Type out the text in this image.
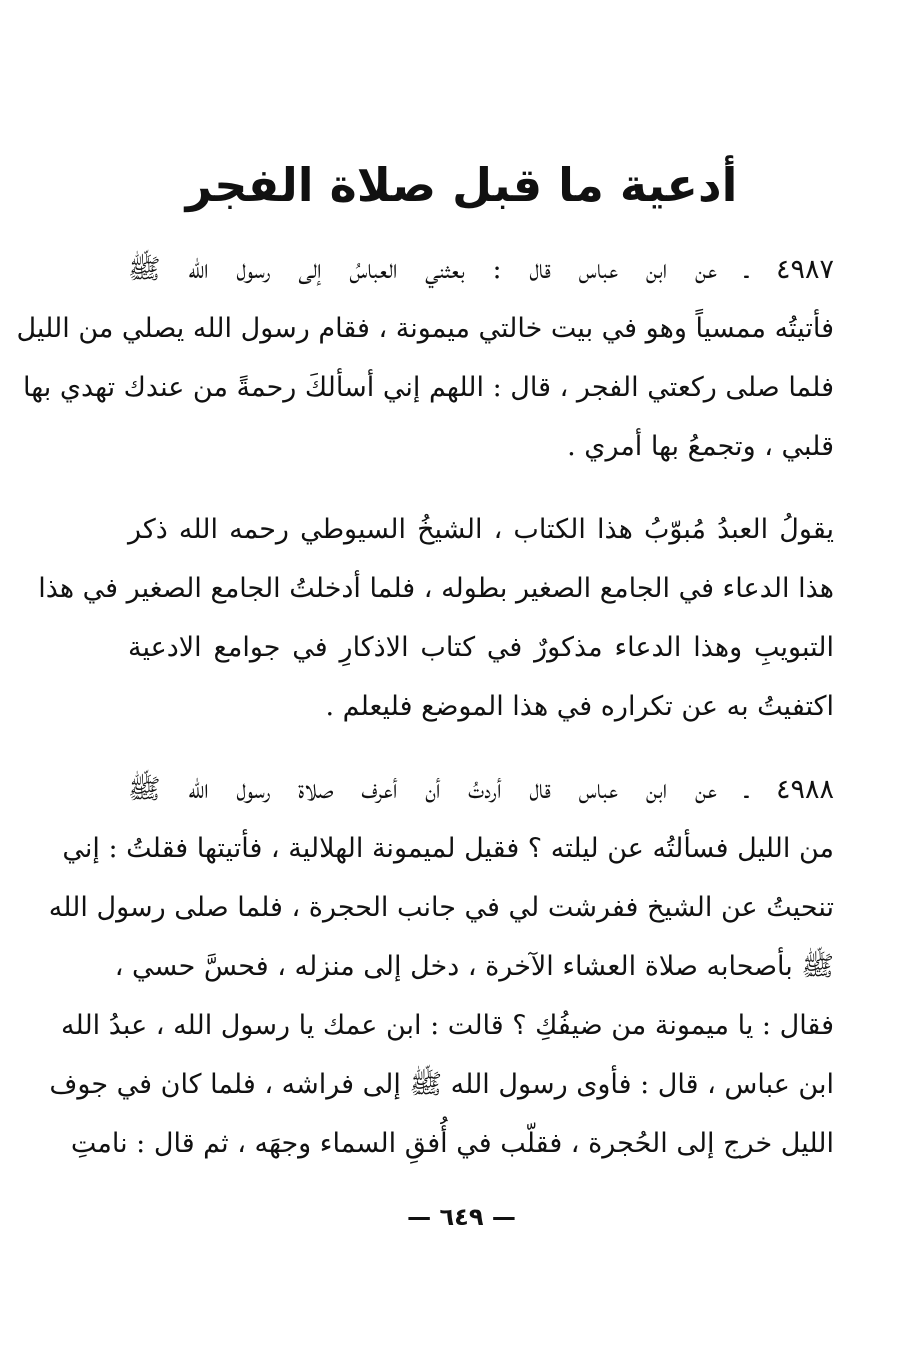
أدعية ما قبل صلاة الفجر
٤٩٨٧ ـ عن ابن عباس قال : بعثني العباسُ إلى رسول الله ﷺ
فأتيتُه ممسياً وهو في بيت خالتي ميمونة ، فقام رسول الله يصلي من الليل
فلما صلى ركعتي الفجر ، قال : اللهم إني أسألكَ رحمةً من عندك تهدي بها
قلبي ، وتجمعُ بها أمري .
يقولُ العبدُ مُبوّبُ هذا الكتاب ، الشيخُ السيوطي رحمه الله ذكر
هذا الدعاء في الجامع الصغير بطوله ، فلما أدخلتُ الجامع الصغير في هذا
التبويبِ وهذا الدعاء مذكورٌ في كتاب الاذكارِ في جوامع الادعية
اكتفيتُ به عن تكراره في هذا الموضع فليعلم .
٤٩٨٨ ـ عن ابن عباس قال أردتُ أن أعرف صلاة رسول الله ﷺ
من الليل فسألتُه عن ليلته ؟ فقيل لميمونة الهلالية ، فأتيتها فقلتُ : إني
تنحيتُ عن الشيخ ففرشت لي في جانب الحجرة ، فلما صلى رسول الله
ﷺ بأصحابه صلاة العشاء الآخرة ، دخل إلى منزله ، فحسَّ حسي ،
فقال : يا ميمونة من ضيفُكِ ؟ قالت : ابن عمك يا رسول الله ، عبدُ الله
ابن عباس ، قال : فأوى رسول الله ﷺ إلى فراشه ، فلما كان في جوف
الليل خرج إلى الحُجرة ، فقلّب في أُفقِ السماء وجهَه ، ثم قال : نامتِ
— ٦٤٩ —
